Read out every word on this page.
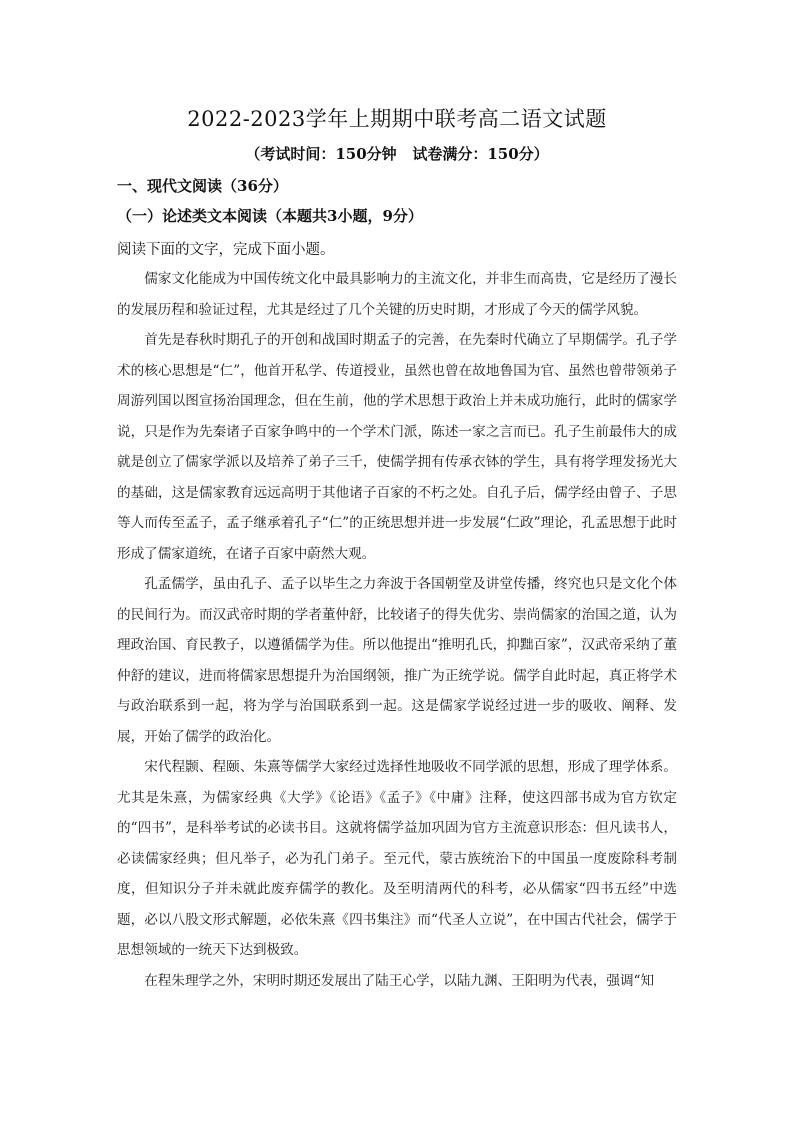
2022-2023学年上期期中联考高二语文试题
（考试时间：150分钟   试卷满分：150分）
一、现代文阅读（36分）
（一）论述类文本阅读（本题共3小题，9分）
阅读下面的文字，完成下面小题。

儒家文化能成为中国传统文化中最具影响力的主流文化，并非生而高贵，它是经历了漫长的发展历程和验证过程，尤其是经过了几个关键的历史时期，才形成了今天的儒学风貌。

首先是春秋时期孔子的开创和战国时期孟子的完善，在先秦时代确立了早期儒学。孔子学术的核心思想是“仁”，他首开私学、传道授业，虽然也曾在故地鲁国为官、虽然也曾带领弟子周游列国以图宣扬治国理念，但在生前，他的学术思想于政治上并未成功施行，此时的儒家学说，只是作为先秦诸子百家争鸣中的一个学术门派，陈述一家之言而已。孔子生前最伟大的成就是创立了儒家学派以及培养了弟子三千，使儒学拥有传承衣钵的学生，具有将学理发扬光大的基础，这是儒家教育远远高明于其他诸子百家的不朽之处。自孔子后，儒学经由曾子、子思等人而传至孟子，孟子继承着孔子“仁”的正统思想并进一步发展“仁政”理论，孔孟思想于此时形成了儒家道统，在诸子百家中蔚然大观。

孔孟儒学，虽由孔子、孟子以毕生之力奔波于各国朝堂及讲堂传播，终究也只是文化个体的民间行为。而汉武帝时期的学者董仲舒，比较诸子的得失优劣、崇尚儒家的治国之道，认为理政治国、育民教子，以遵循儒学为佳。所以他提出“推明孔氏，抑黜百家”，汉武帝采纳了董仲舒的建议，进而将儒家思想提升为治国纲领，推广为正统学说。儒学自此时起，真正将学术与政治联系到一起，将为学与治国联系到一起。这是儒家学说经过进一步的吸收、阐释、发展，开始了儒学的政治化。

宋代程颢、程颐、朱熹等儒学大家经过选择性地吸收不同学派的思想，形成了理学体系。尤其是朱熹，为儒家经典《大学》《论语》《孟子》《中庸》注释，使这四部书成为官方钦定的“四书”，是科举考试的必读书目。这就将儒学益加巩固为官方主流意识形态：但凡读书人，必读儒家经典；但凡举子，必为孔门弟子。至元代，蒙古族统治下的中国虽一度废除科考制度，但知识分子并未就此废弃儒学的教化。及至明清两代的科考，必从儒家“四书五经”中选题，必以八股文形式解题，必依朱熹《四书集注》而“代圣人立说”，在中国古代社会，儒学于思想领域的一统天下达到极致。

在程朱理学之外，宋明时期还发展出了陆王心学，以陆九渊、王阳明为代表，强调“知
